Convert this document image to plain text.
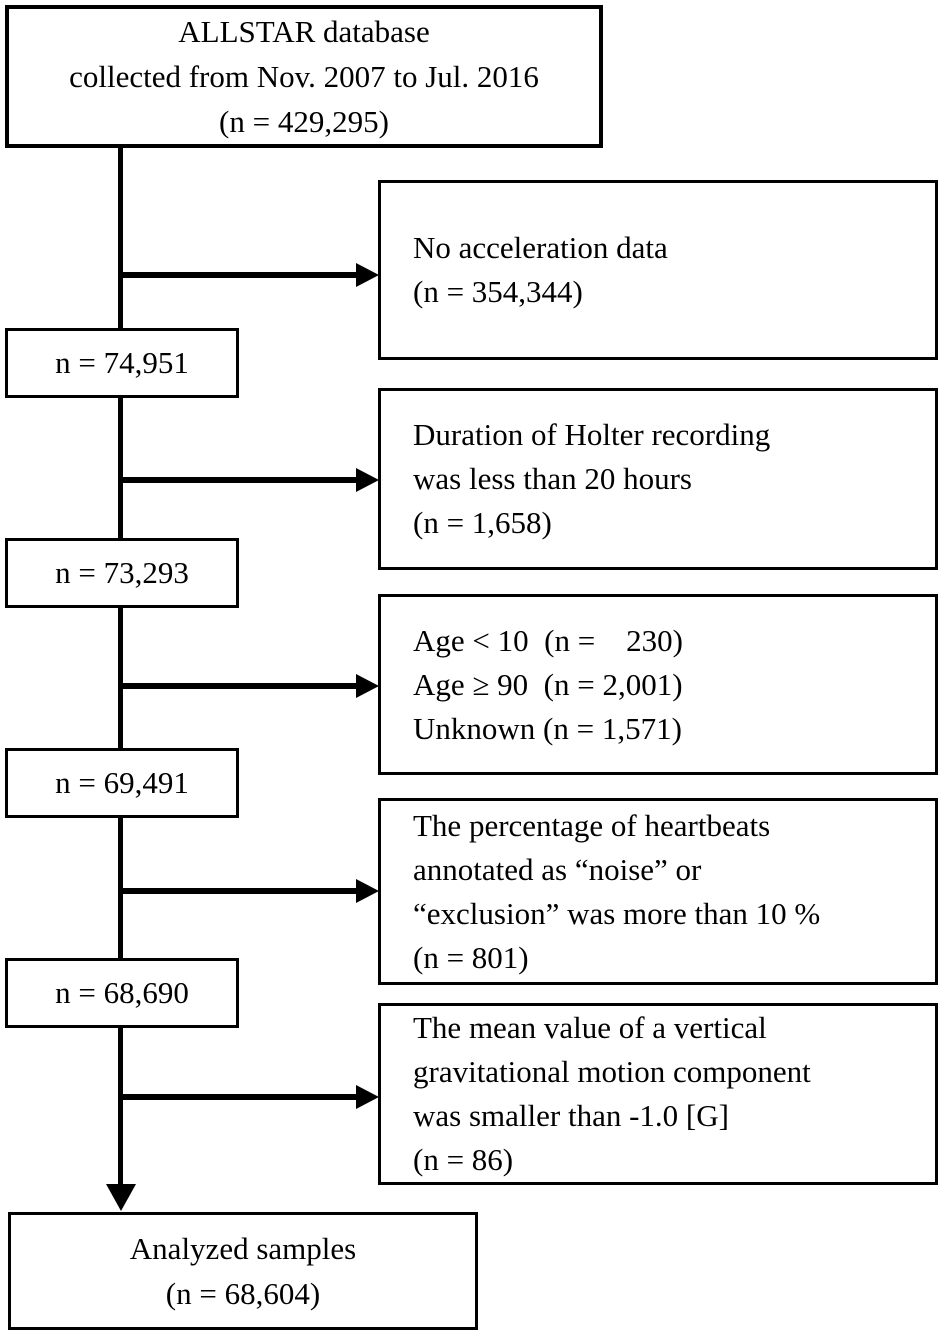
ALLSTAR database
collected from Nov. 2007 to Jul. 2016
(n = 429,295)
n = 74,951
n = 73,293
n = 69,491
n = 68,690
No acceleration data
(n = 354,344)
Duration of Holter recording
was less than 20 hours
(n = 1,658)
Age < 10  (n =    230)
Age ≥ 90  (n = 2,001)
Unknown (n = 1,571)
The percentage of heartbeats
annotated as “noise” or
“exclusion” was more than 10 %
(n = 801)
The mean value of a vertical
gravitational motion component
was smaller than -1.0 [G]
(n = 86)
Analyzed samples
(n = 68,604)
